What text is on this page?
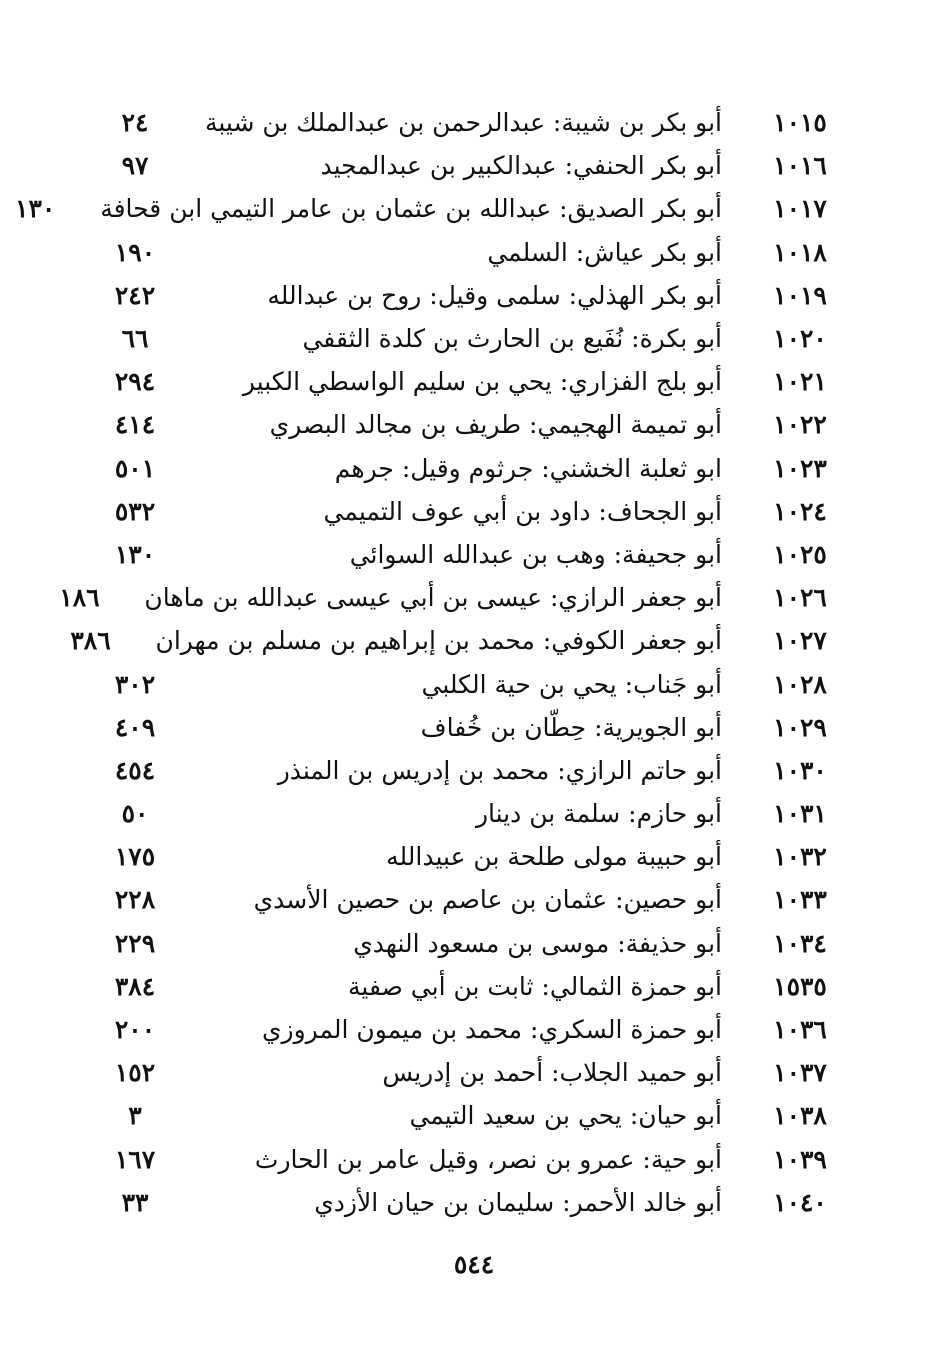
١٠١٥
أبو بكر بن شيبة: عبدالرحمن بن عبدالملك بن شيبة
٢٤
١٠١٦
أبو بكر الحنفي: عبدالكبير بن عبدالمجيد
٩٧
١٠١٧
أبو بكر الصديق: عبدالله بن عثمان بن عامر التيمي ابن قحافة
١٣٠
١٠١٨
أبو بكر عياش: السلمي
١٩٠
١٠١٩
أبو بكر الهذلي: سلمى وقيل: روح بن عبدالله
٢٤٢
١٠٢٠
أبو بكرة: نُفَيع بن الحارث بن كلدة الثقفي
٦٦
١٠٢١
أبو بلج الفزاري: يحي بن سليم الواسطي الكبير
٢٩٤
١٠٢٢
أبو تميمة الهجيمي: طريف بن مجالد البصري
٤١٤
١٠٢٣
ابو ثعلبة الخشني: جرثوم وقيل: جرهم
٥٠١
١٠٢٤
أبو الجحاف: داود بن أبي عوف التميمي
٥٣٢
١٠٢٥
أبو جحيفة: وهب بن عبدالله السوائي
١٣٠
١٠٢٦
أبو جعفر الرازي: عيسى بن أبي عيسى عبدالله بن ماهان
١٨٦
١٠٢٧
أبو جعفر الكوفي: محمد بن إبراهيم بن مسلم بن مهران
٣٨٦
١٠٢٨
أبو جَناب: يحي بن حية الكلبي
٣٠٢
١٠٢٩
أبو الجويرية: حِطّان بن خُفاف
٤٠٩
١٠٣٠
أبو حاتم الرازي: محمد بن إدريس بن المنذر
٤٥٤
١٠٣١
أبو حازم: سلمة بن دينار
٥٠
١٠٣٢
أبو حبيبة مولى طلحة بن عبيدالله
١٧٥
١٠٣٣
أبو حصين: عثمان بن عاصم بن حصين الأسدي
٢٢٨
١٠٣٤
أبو حذيفة: موسى بن مسعود النهدي
٢٢٩
١٥٣٥
أبو حمزة الثمالي: ثابت بن أبي صفية
٣٨٤
١٠٣٦
أبو حمزة السكري: محمد بن ميمون المروزي
٢٠٠
١٠٣٧
أبو حميد الجلاب: أحمد بن إدريس
١٥٢
١٠٣٨
أبو حيان: يحي بن سعيد التيمي
٣
١٠٣٩
أبو حية: عمرو بن نصر، وقيل عامر بن الحارث
١٦٧
١٠٤٠
أبو خالد الأحمر: سليمان بن حيان الأزدي
٣٣
٥٤٤
